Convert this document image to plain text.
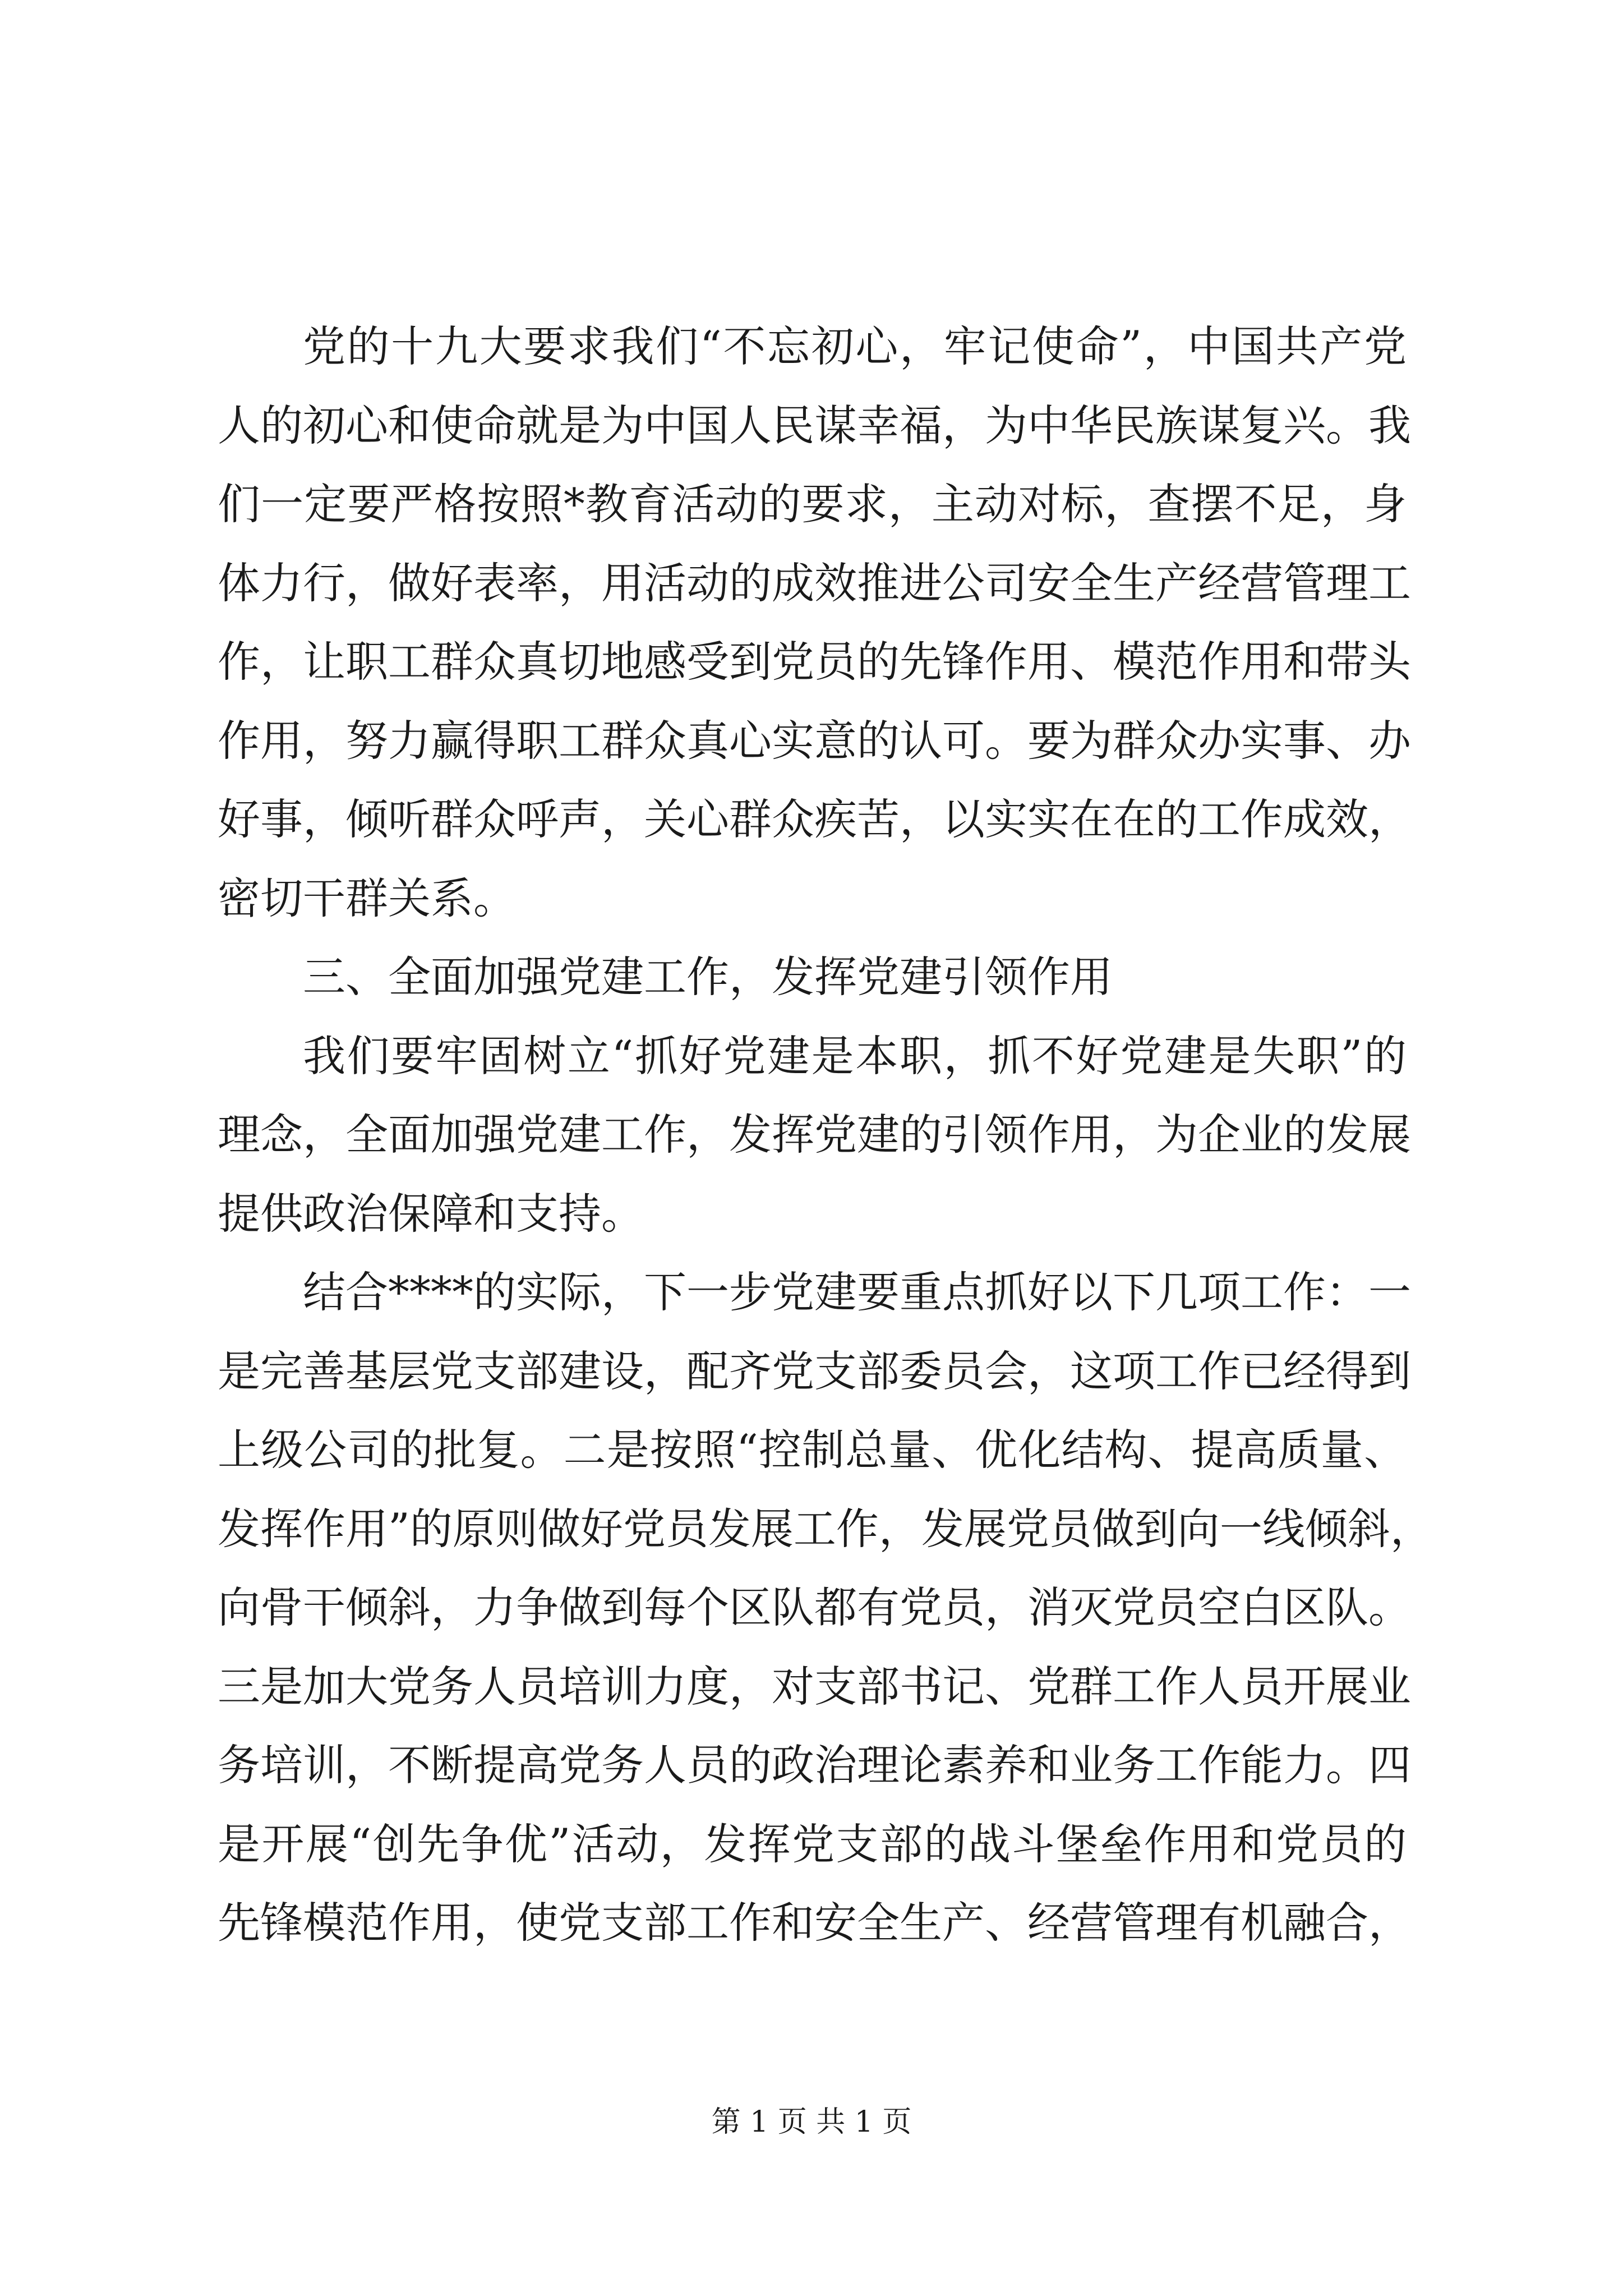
党的十九大要求我们“不忘初心，牢记使命”，中国共产党
人的初心和使命就是为中国人民谋幸福，为中华民族谋复兴。我
们一定要严格按照*教育活动的要求，主动对标，查摆不足，身
体力行，做好表率，用活动的成效推进公司安全生产经营管理工
作，让职工群众真切地感受到党员的先锋作用、模范作用和带头
作用，努力赢得职工群众真心实意的认可。要为群众办实事、办
好事，倾听群众呼声，关心群众疾苦，以实实在在的工作成效，
密切干群关系。
三、全面加强党建工作，发挥党建引领作用
我们要牢固树立“抓好党建是本职，抓不好党建是失职”的
理念，全面加强党建工作，发挥党建的引领作用，为企业的发展
提供政治保障和支持。
结合****的实际，下一步党建要重点抓好以下几项工作：一
是完善基层党支部建设，配齐党支部委员会，这项工作已经得到
上级公司的批复。二是按照“控制总量、优化结构、提高质量、
发挥作用”的原则做好党员发展工作，发展党员做到向一线倾斜，
向骨干倾斜，力争做到每个区队都有党员，消灭党员空白区队。
三是加大党务人员培训力度，对支部书记、党群工作人员开展业
务培训，不断提高党务人员的政治理论素养和业务工作能力。四
是开展“创先争优”活动，发挥党支部的战斗堡垒作用和党员的
先锋模范作用，使党支部工作和安全生产、经营管理有机融合，
第 1 页 共 1 页
